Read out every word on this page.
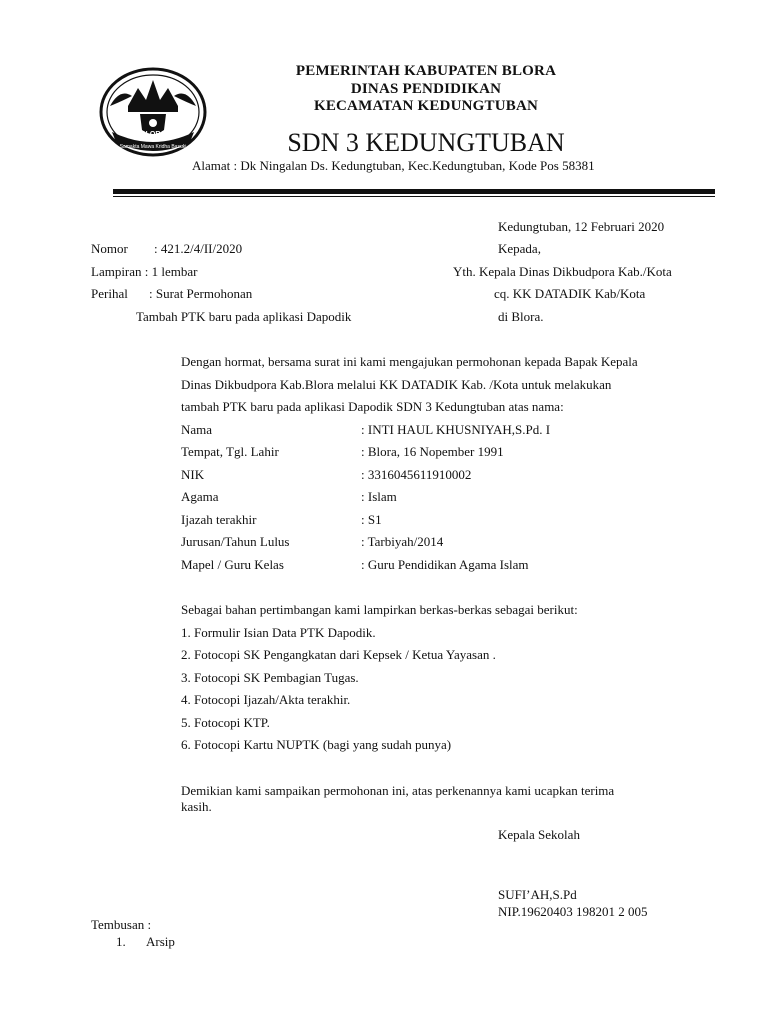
Samakta Mawa Kridha Basuki
BLORA
PEMERINTAH KABUPATEN BLORA
DINAS PENDIDIKAN
KECAMATAN KEDUNGTUBAN
SDN 3 KEDUNGTUBAN
Alamat : Dk Ningalan Ds. Kedungtuban, Kec.Kedungtuban, Kode Pos 58381
Kedungtuban, 12 Februari 2020
Nomor : 421.2/4/II/2020
Lampiran : 1 lembar
Perihal : Surat Permohonan
Tambah PTK baru pada aplikasi Dapodik
Kepada,
Yth. Kepala Dinas Dikbudpora Kab./Kota
cq. KK DATADIK Kab/Kota
di Blora.
Dengan hormat, bersama surat ini kami mengajukan permohonan kepada Bapak Kepala
Dinas Dikbudpora Kab.Blora melalui KK DATADIK Kab. /Kota untuk melakukan
tambah PTK baru pada aplikasi Dapodik SDN 3 Kedungtuban atas nama:
Nama	: INTI HAUL KHUSNIYAH,S.Pd. I
Tempat, Tgl. Lahir	: Blora, 16 Nopember 1991
NIK	: 3316045611910002
Agama	: Islam
Ijazah terakhir	: S1
Jurusan/Tahun Lulus	: Tarbiyah/2014
Mapel / Guru Kelas	: Guru Pendidikan Agama Islam
Sebagai bahan pertimbangan kami lampirkan berkas-berkas sebagai berikut:
1. Formulir Isian Data PTK Dapodik.
2. Fotocopi SK Pengangkatan dari Kepsek / Ketua Yayasan .
3. Fotocopi SK Pembagian Tugas.
4. Fotocopi Ijazah/Akta terakhir.
5. Fotocopi KTP.
6. Fotocopi Kartu NUPTK (bagi yang sudah punya)
Demikian kami sampaikan permohonan ini, atas perkenannya kami ucapkan terima
kasih.
Kepala Sekolah
SUFI’AH,S.Pd
NIP.19620403 198201 2 005
Tembusan :
1. Arsip
